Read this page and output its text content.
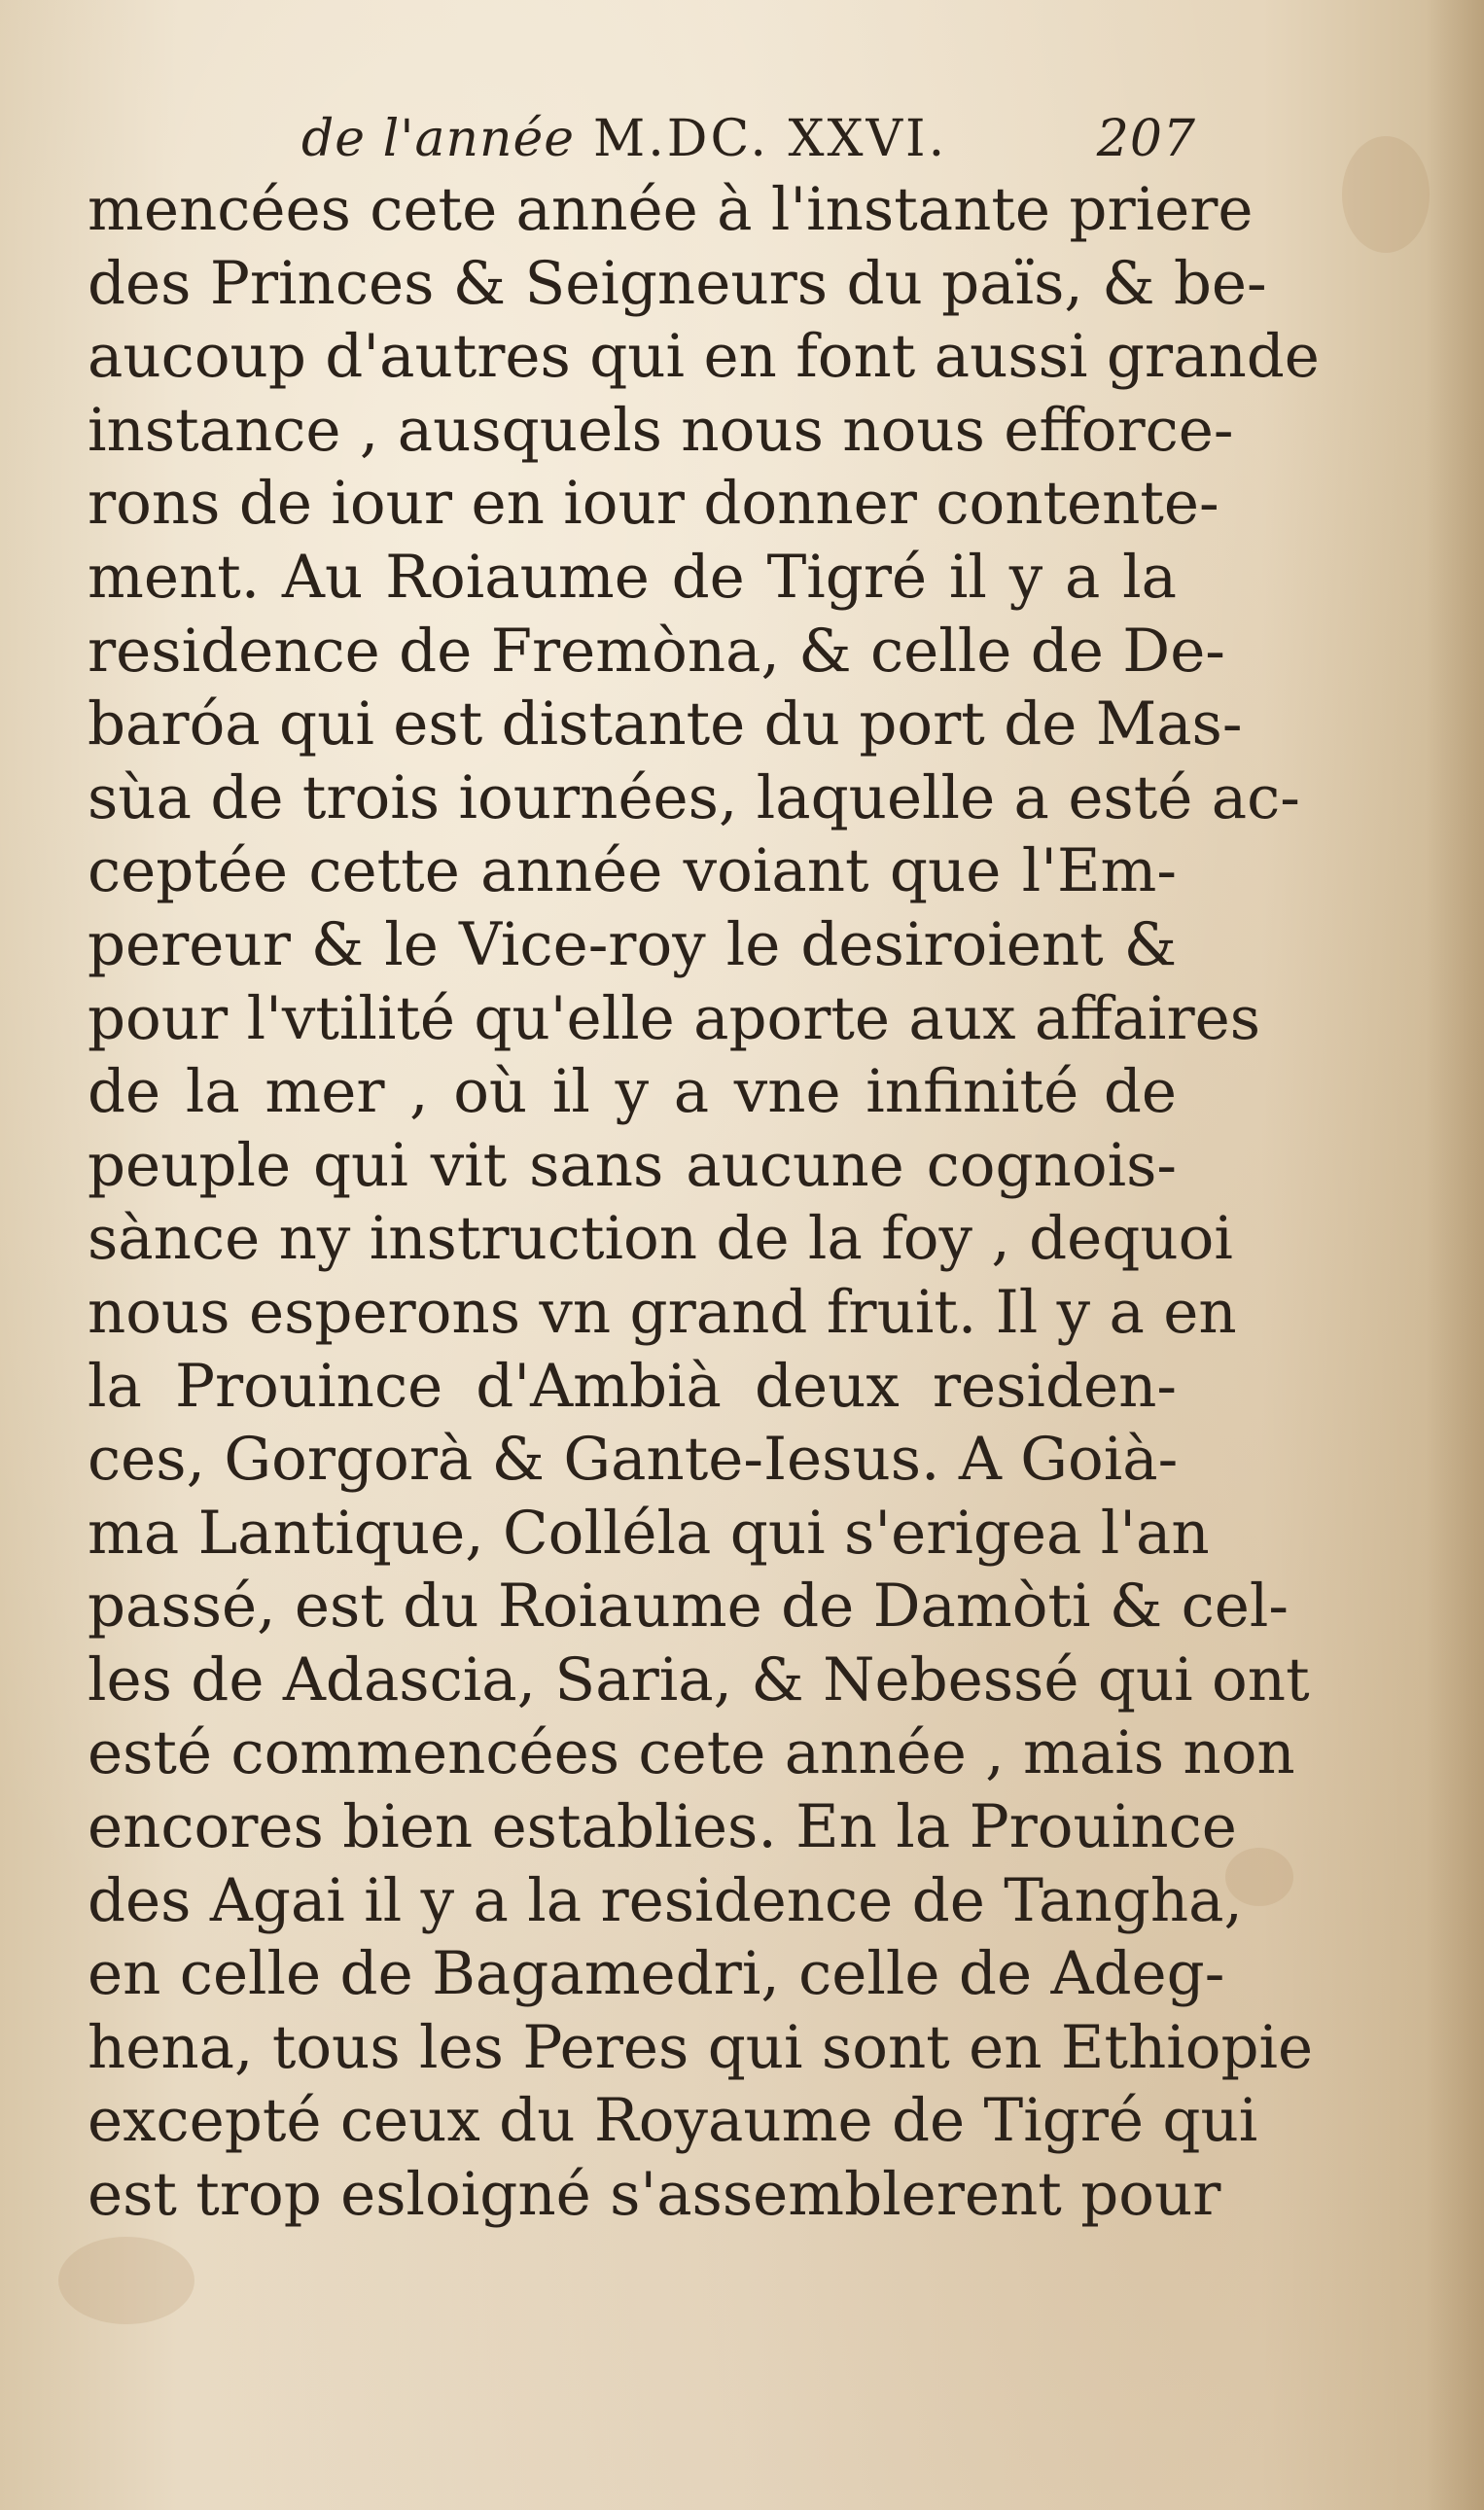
de l'année M.DC. XXVI.	207
mencées cete année à l'instante priere
des Princes & Seigneurs du païs, & be-
aucoup d'autres qui en font aussi grande
instance , ausquels nous nous efforce-
rons de iour en iour donner contente-
ment. Au Roiaume de Tigré il y a la
residence de Fremòna, & celle de De-
baróa qui est distante du port de Mas-
sùa de trois iournées, laquelle a esté ac-
ceptée cette année voiant que l'Em-
pereur & le Vice-roy le desiroient &
pour l'vtilité qu'elle aporte aux affaires
de la mer , où il y a vne infinité de
peuple qui vit sans aucune cognois-
sànce ny instruction de la foy , dequoi
nous esperons vn grand fruit. Il y a en
la Prouince d'Ambià deux residen-
ces, Gorgorà & Gante-Iesus. A Goià-
ma Lantique, Colléla qui s'erigea l'an
passé, est du Roiaume de Damòti & cel-
les de Adascia, Saria, & Nebessé qui ont
esté commencées cete année , mais non
encores bien establies. En la Prouince
des Agai il y a la residence de Tangha,
en celle de Bagamedri, celle de Adeg-
hena, tous les Peres qui sont en Ethiopie
excepté ceux du Royaume de Tigré qui
est trop esloigné s'assemblerent pour
